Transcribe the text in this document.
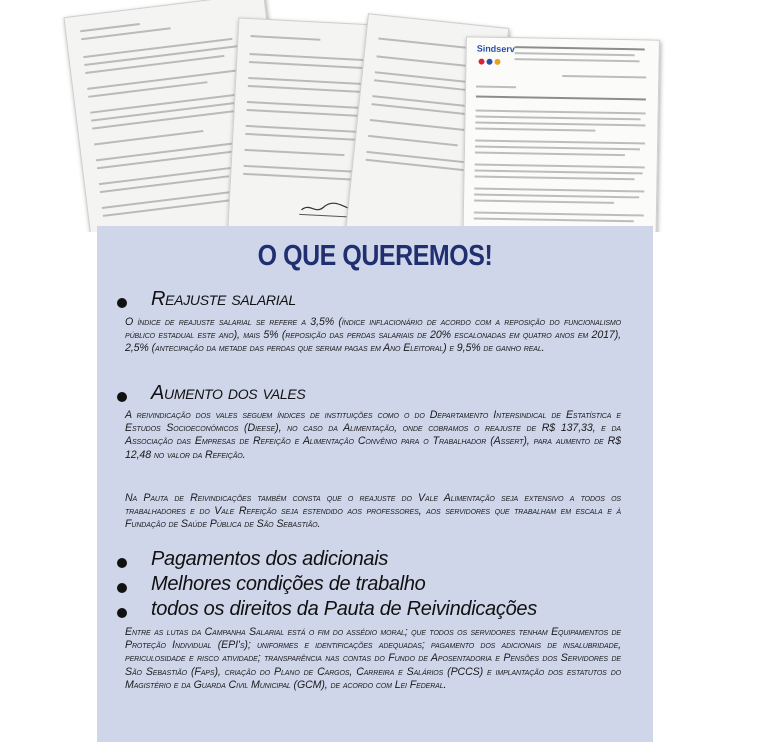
Sindserv
O QUE QUEREMOS!
Reajuste salarial
O índice de reajuste salarial se refere a 3,5% (índice inflacionário de acordo com a reposição do funcionalismo público estadual este ano), mais 5% (reposição das perdas salariais de 20% escalonadas em quatro anos em 2017), 2,5% (antecipação da metade das perdas que seriam pagas em Ano Eleitoral) e 9,5% de ganho real.
Aumento dos vales
A reivindicação dos vales seguem índices de instituições como o do Departamento Intersindical de Estatística e Estudos Socioeconômicos (Dieese), no caso da Alimentação, onde cobramos o reajuste de R$ 137,33, e da Associação das Empresas de Refeição e Alimentação Convênio para o Trabalhador (Assert), para aumento de R$ 12,48 no valor da Refeição.
Na Pauta de Reivindicações também consta que o reajuste do Vale Alimentação seja extensivo a todos os trabalhadores e do Vale Refeição seja estendido aos professores, aos servidores que trabalham em escala e à Fundação de Saúde Pública de São Sebastião.
Pagamentos dos adicionais
Melhores condições de trabalho
todos os direitos da Pauta de Reivindicações
Entre as lutas da Campanha Salarial está o fim do assédio moral; que todos os servidores tenham Equipamentos de Proteção Individual (EPI's); uniformes e identificações adequadas; pagamento dos adicionais de insalubridade, periculosidade e risco atividade; transparência nas contas do Fundo de Aposentadoria e Pensões dos Servidores de São Sebastião (Faps), criação do Plano de Cargos, Carreira e Salários (PCCS) e implantação dos estatutos do Magistério e da Guarda Civil Municipal (GCM), de acordo com Lei Federal.
